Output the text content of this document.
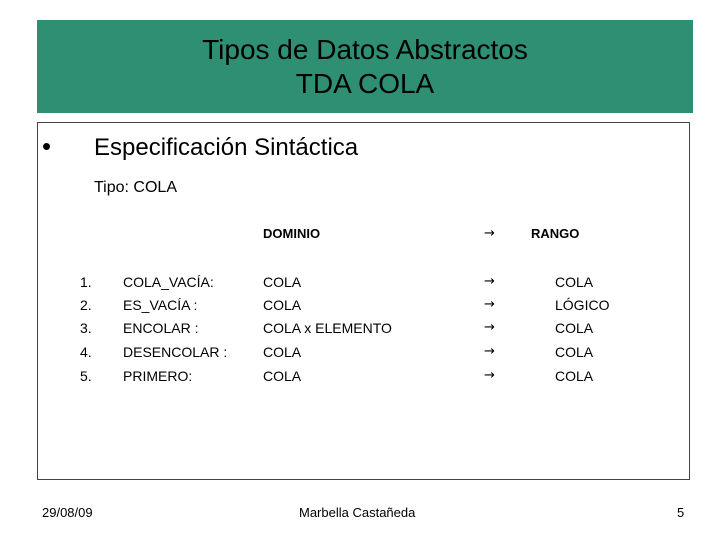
Tipos de Datos Abstractos
TDA COLA
• Especificación Sintáctica
Tipo: COLA
DOMINIO	→	RANGO
1. COLA_VACÍA:	COLA	→	COLA
2. ES_VACÍA :	COLA	→	LÓGICO
3. ENCOLAR :	COLA x ELEMENTO	→	COLA
4. DESENCOLAR :	COLA	→	COLA
5. PRIMERO:	COLA	→	COLA
29/08/09	Marbella Castañeda	5
